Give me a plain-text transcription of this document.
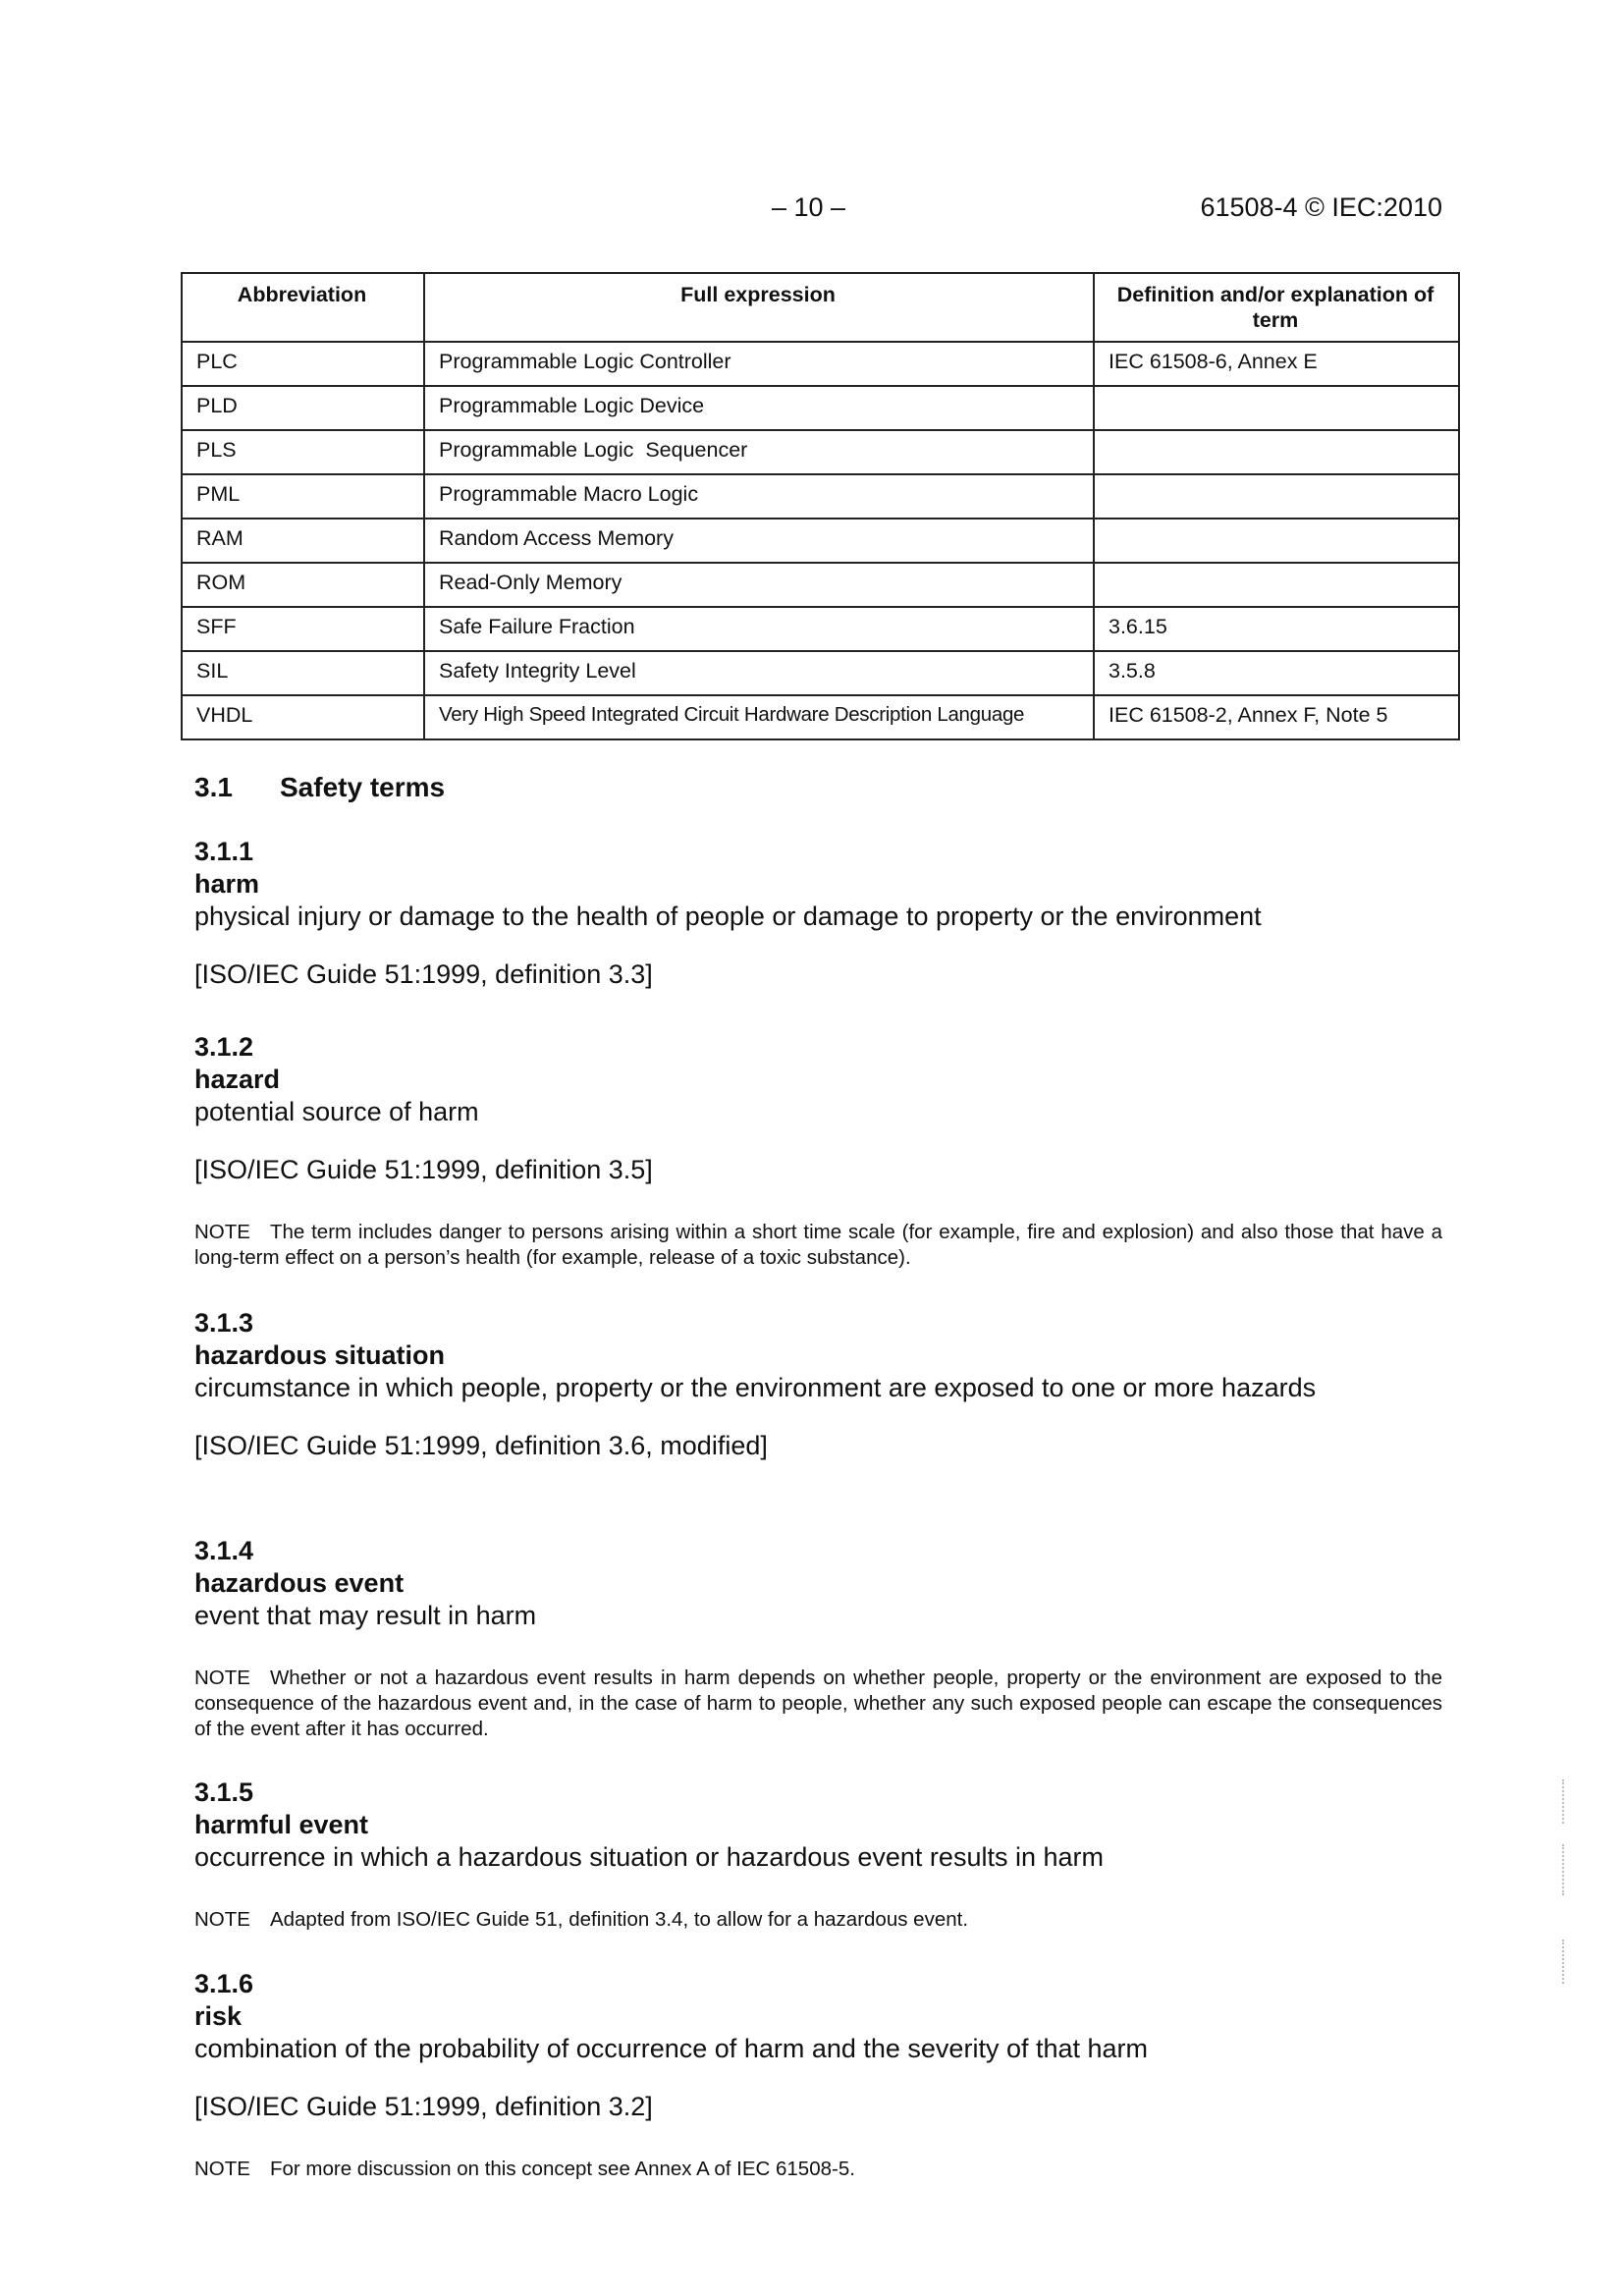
– 10 –	61508-4 © IEC:2010
Abbreviation	Full expression	Definition and/or explanation of term
PLC	Programmable Logic Controller	IEC 61508-6, Annex E
PLD	Programmable Logic Device	
PLS	Programmable Logic  Sequencer	
PML	Programmable Macro Logic	
RAM	Random Access Memory	
ROM	Read-Only Memory	
SFF	Safe Failure Fraction	3.6.15
SIL	Safety Integrity Level	3.5.8
VHDL	Very High Speed Integrated Circuit Hardware Description Language	IEC 61508-2, Annex F, Note 5
3.1 Safety terms
3.1.1
harm
physical injury or damage to the health of people or damage to property or the environment
[ISO/IEC Guide 51:1999, definition 3.3]
3.1.2
hazard
potential source of harm
[ISO/IEC Guide 51:1999, definition 3.5]
NOTE The term includes danger to persons arising within a short time scale (for example, fire and explosion) and also those that have a long-term effect on a person’s health (for example, release of a toxic substance).
3.1.3
hazardous situation
circumstance in which people, property or the environment are exposed to one or more hazards
[ISO/IEC Guide 51:1999, definition 3.6, modified]
3.1.4
hazardous event
event that may result in harm
NOTE Whether or not a hazardous event results in harm depends on whether people, property or the environment are exposed to the consequence of the hazardous event and, in the case of harm to people, whether any such exposed people can escape the consequences of the event after it has occurred.
3.1.5
harmful event
occurrence in which a hazardous situation or hazardous event results in harm
NOTE Adapted from ISO/IEC Guide 51, definition 3.4, to allow for a hazardous event.
3.1.6
risk
combination of the probability of occurrence of harm and the severity of that harm
[ISO/IEC Guide 51:1999, definition 3.2]
NOTE For more discussion on this concept see Annex A of IEC 61508-5.
